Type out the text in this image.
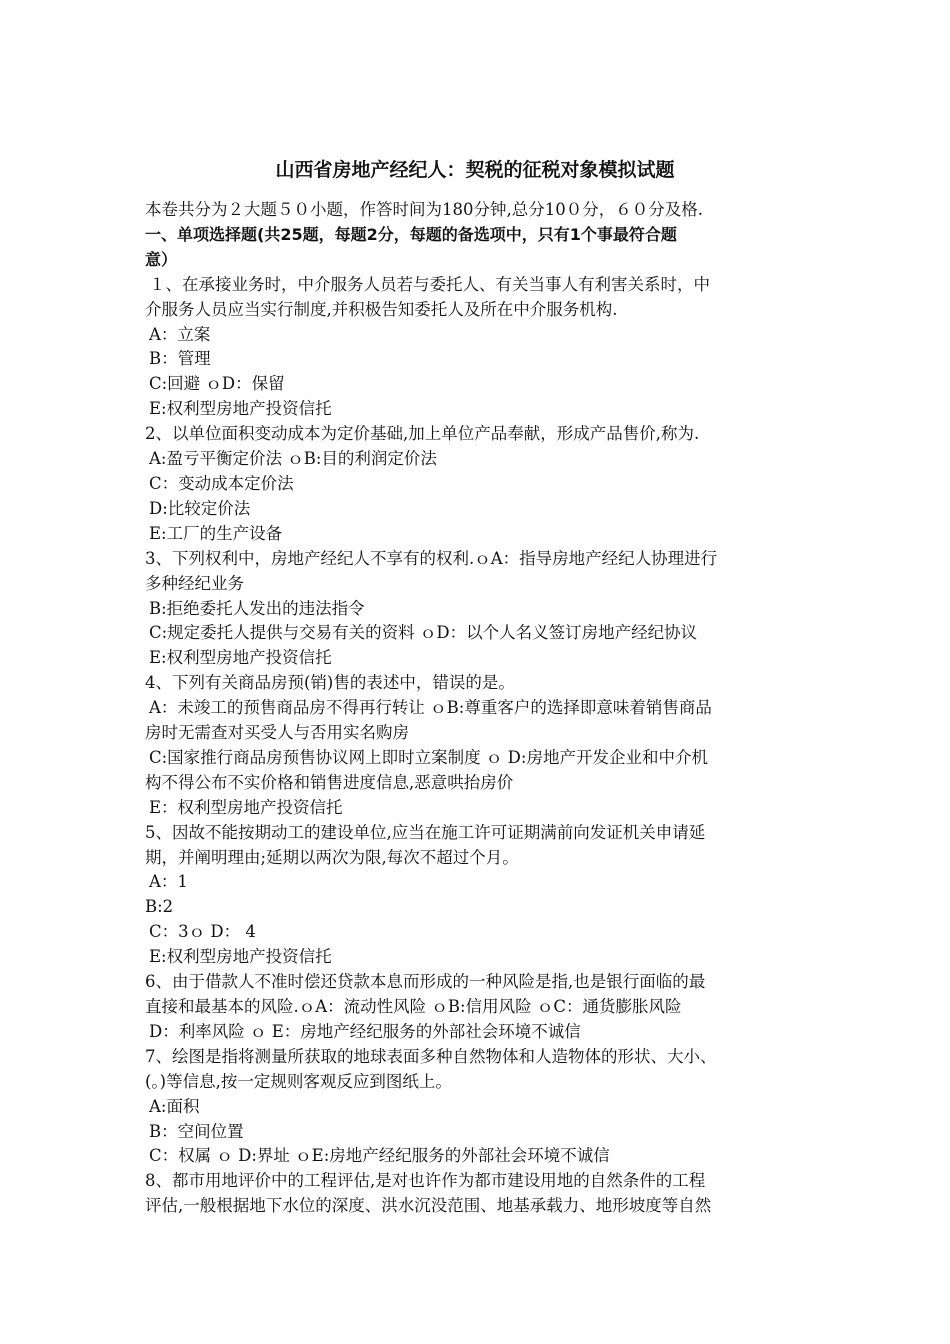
山西省房地产经纪人：契税的征税对象模拟试题

本卷共分为２大题５０小题，作答时间为180分钟,总分10０分，６０分及格.

一、单项选择题(共25题，每题2分，每题的备选项中，只有1个事最符合题

意）

１、在承接业务时，中介服务人员若与委托人、有关当事人有利害关系时，中

介服务人员应当实行制度,并积极告知委托人及所在中介服务机构.

A：立案

B：管理

C:回避 ｏD：保留

E:权利型房地产投资信托

2、以单位面积变动成本为定价基础,加上单位产品奉献，形成产品售价,称为.

A:盈亏平衡定价法 ｏB:目的利润定价法

C：变动成本定价法

D:比较定价法

E:工厂的生产设备

3、下列权利中，房地产经纪人不享有的权利.ｏA：指导房地产经纪人协理进行

多种经纪业务

B:拒绝委托人发出的违法指令

C:规定委托人提供与交易有关的资料 ｏD：以个人名义签订房地产经纪协议

E:权利型房地产投资信托

4、下列有关商品房预(销)售的表述中，错误的是。

A：未竣工的预售商品房不得再行转让 ｏB:尊重客户的选择即意味着销售商品

房时无需查对买受人与否用实名购房

C:国家推行商品房预售协议网上即时立案制度 ｏ D:房地产开发企业和中介机

构不得公布不实价格和销售进度信息,恶意哄抬房价

E：权利型房地产投资信托

5、因故不能按期动工的建设单位,应当在施工许可证期满前向发证机关申请延

期，并阐明理由;延期以两次为限,每次不超过个月。

A：1

B:2

C：3ｏ D： 4

E:权利型房地产投资信托

6、由于借款人不准时偿还贷款本息而形成的一种风险是指,也是银行面临的最

直接和最基本的风险.ｏA：流动性风险 ｏB:信用风险 ｏC：通货膨胀风险

D：利率风险 ｏ E：房地产经纪服务的外部社会环境不诚信

7、绘图是指将测量所获取的地球表面多种自然物体和人造物体的形状、大小、

(。)等信息,按一定规则客观反应到图纸上。

A:面积

B：空间位置

C：权属 ｏ D:界址 ｏE:房地产经纪服务的外部社会环境不诚信

8、都市用地评价中的工程评估,是对也许作为都市建设用地的自然条件的工程

评估,一般根据地下水位的深度、洪水沉没范围、地基承载力、地形坡度等自然
